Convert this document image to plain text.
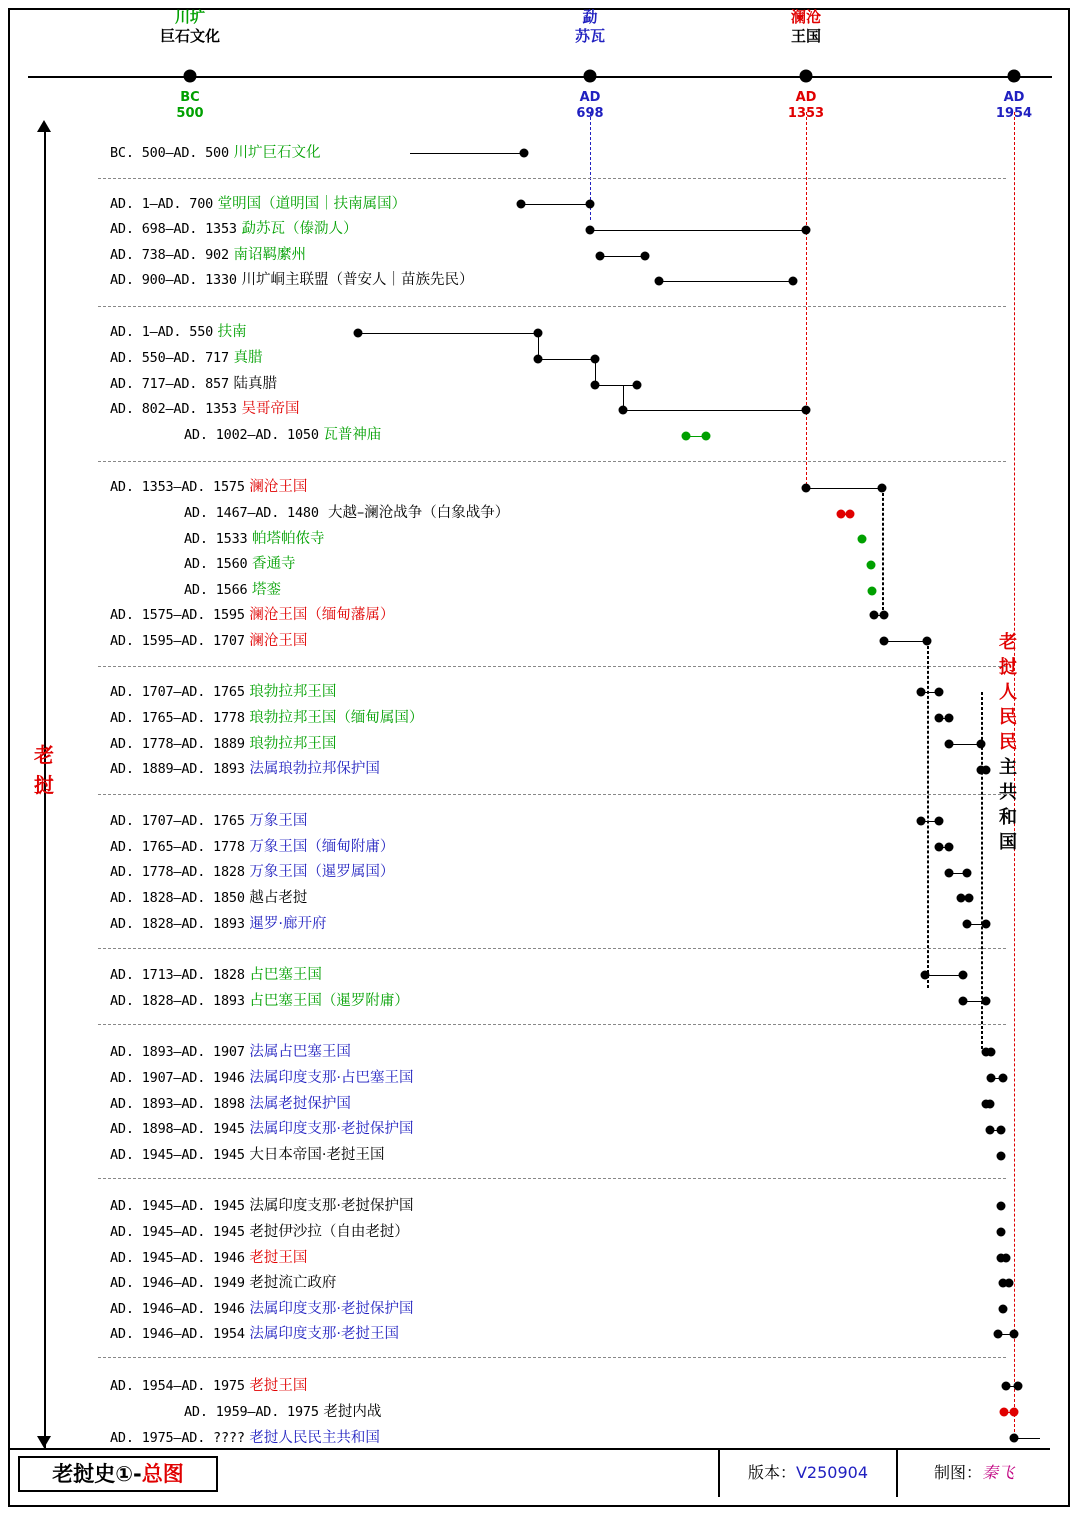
川圹
巨石文化
勐
苏瓦
澜沧
王国
BC
500
AD
698
AD
1353
AD
1954
老
挝
老
挝
人
民
民
主
共
和
国
BC. 500–AD. 500 川圹巨石文化
AD. 1–AD. 700 堂明国（道明国｜扶南属国）
AD. 698–AD. 1353 勐苏瓦（傣泐人）
AD. 738–AD. 902 南诏羁縻州
AD. 900–AD. 1330 川圹峒主联盟（普安人｜苗族先民）
AD. 1–AD. 550 扶南
AD. 550–AD. 717 真腊
AD. 717–AD. 857 陆真腊
AD. 802–AD. 1353 吴哥帝国
AD. 1002–AD. 1050 瓦普神庙
AD. 1353–AD. 1575 澜沧王国
AD. 1467–AD. 1480 大越–澜沧战争（白象战争）
AD. 1533 帕塔帕侬寺
AD. 1560 香通寺
AD. 1566 塔銮
AD. 1575–AD. 1595 澜沧王国（缅甸藩属）
AD. 1595–AD. 1707 澜沧王国
AD. 1707–AD. 1765 琅勃拉邦王国
AD. 1765–AD. 1778 琅勃拉邦王国（缅甸属国）
AD. 1778–AD. 1889 琅勃拉邦王国
AD. 1889–AD. 1893 法属琅勃拉邦保护国
AD. 1707–AD. 1765 万象王国
AD. 1765–AD. 1778 万象王国（缅甸附庸）
AD. 1778–AD. 1828 万象王国（暹罗属国）
AD. 1828–AD. 1850 越占老挝
AD. 1828–AD. 1893 暹罗·廊开府
AD. 1713–AD. 1828 占巴塞王国
AD. 1828–AD. 1893 占巴塞王国（暹罗附庸）
AD. 1893–AD. 1907 法属占巴塞王国
AD. 1907–AD. 1946 法属印度支那·占巴塞王国
AD. 1893–AD. 1898 法属老挝保护国
AD. 1898–AD. 1945 法属印度支那·老挝保护国
AD. 1945–AD. 1945 大日本帝国·老挝王国
AD. 1945–AD. 1945 法属印度支那·老挝保护国
AD. 1945–AD. 1945 老挝伊沙拉（自由老挝）
AD. 1945–AD. 1946 老挝王国
AD. 1946–AD. 1949 老挝流亡政府
AD. 1946–AD. 1946 法属印度支那·老挝保护国
AD. 1946–AD. 1954 法属印度支那·老挝王国
AD. 1954–AD. 1975 老挝王国
AD. 1959–AD. 1975 老挝内战
AD. 1975–AD. ???? 老挝人民民主共和国
老挝史①-总图	版本：V250904	制图：秦飞
